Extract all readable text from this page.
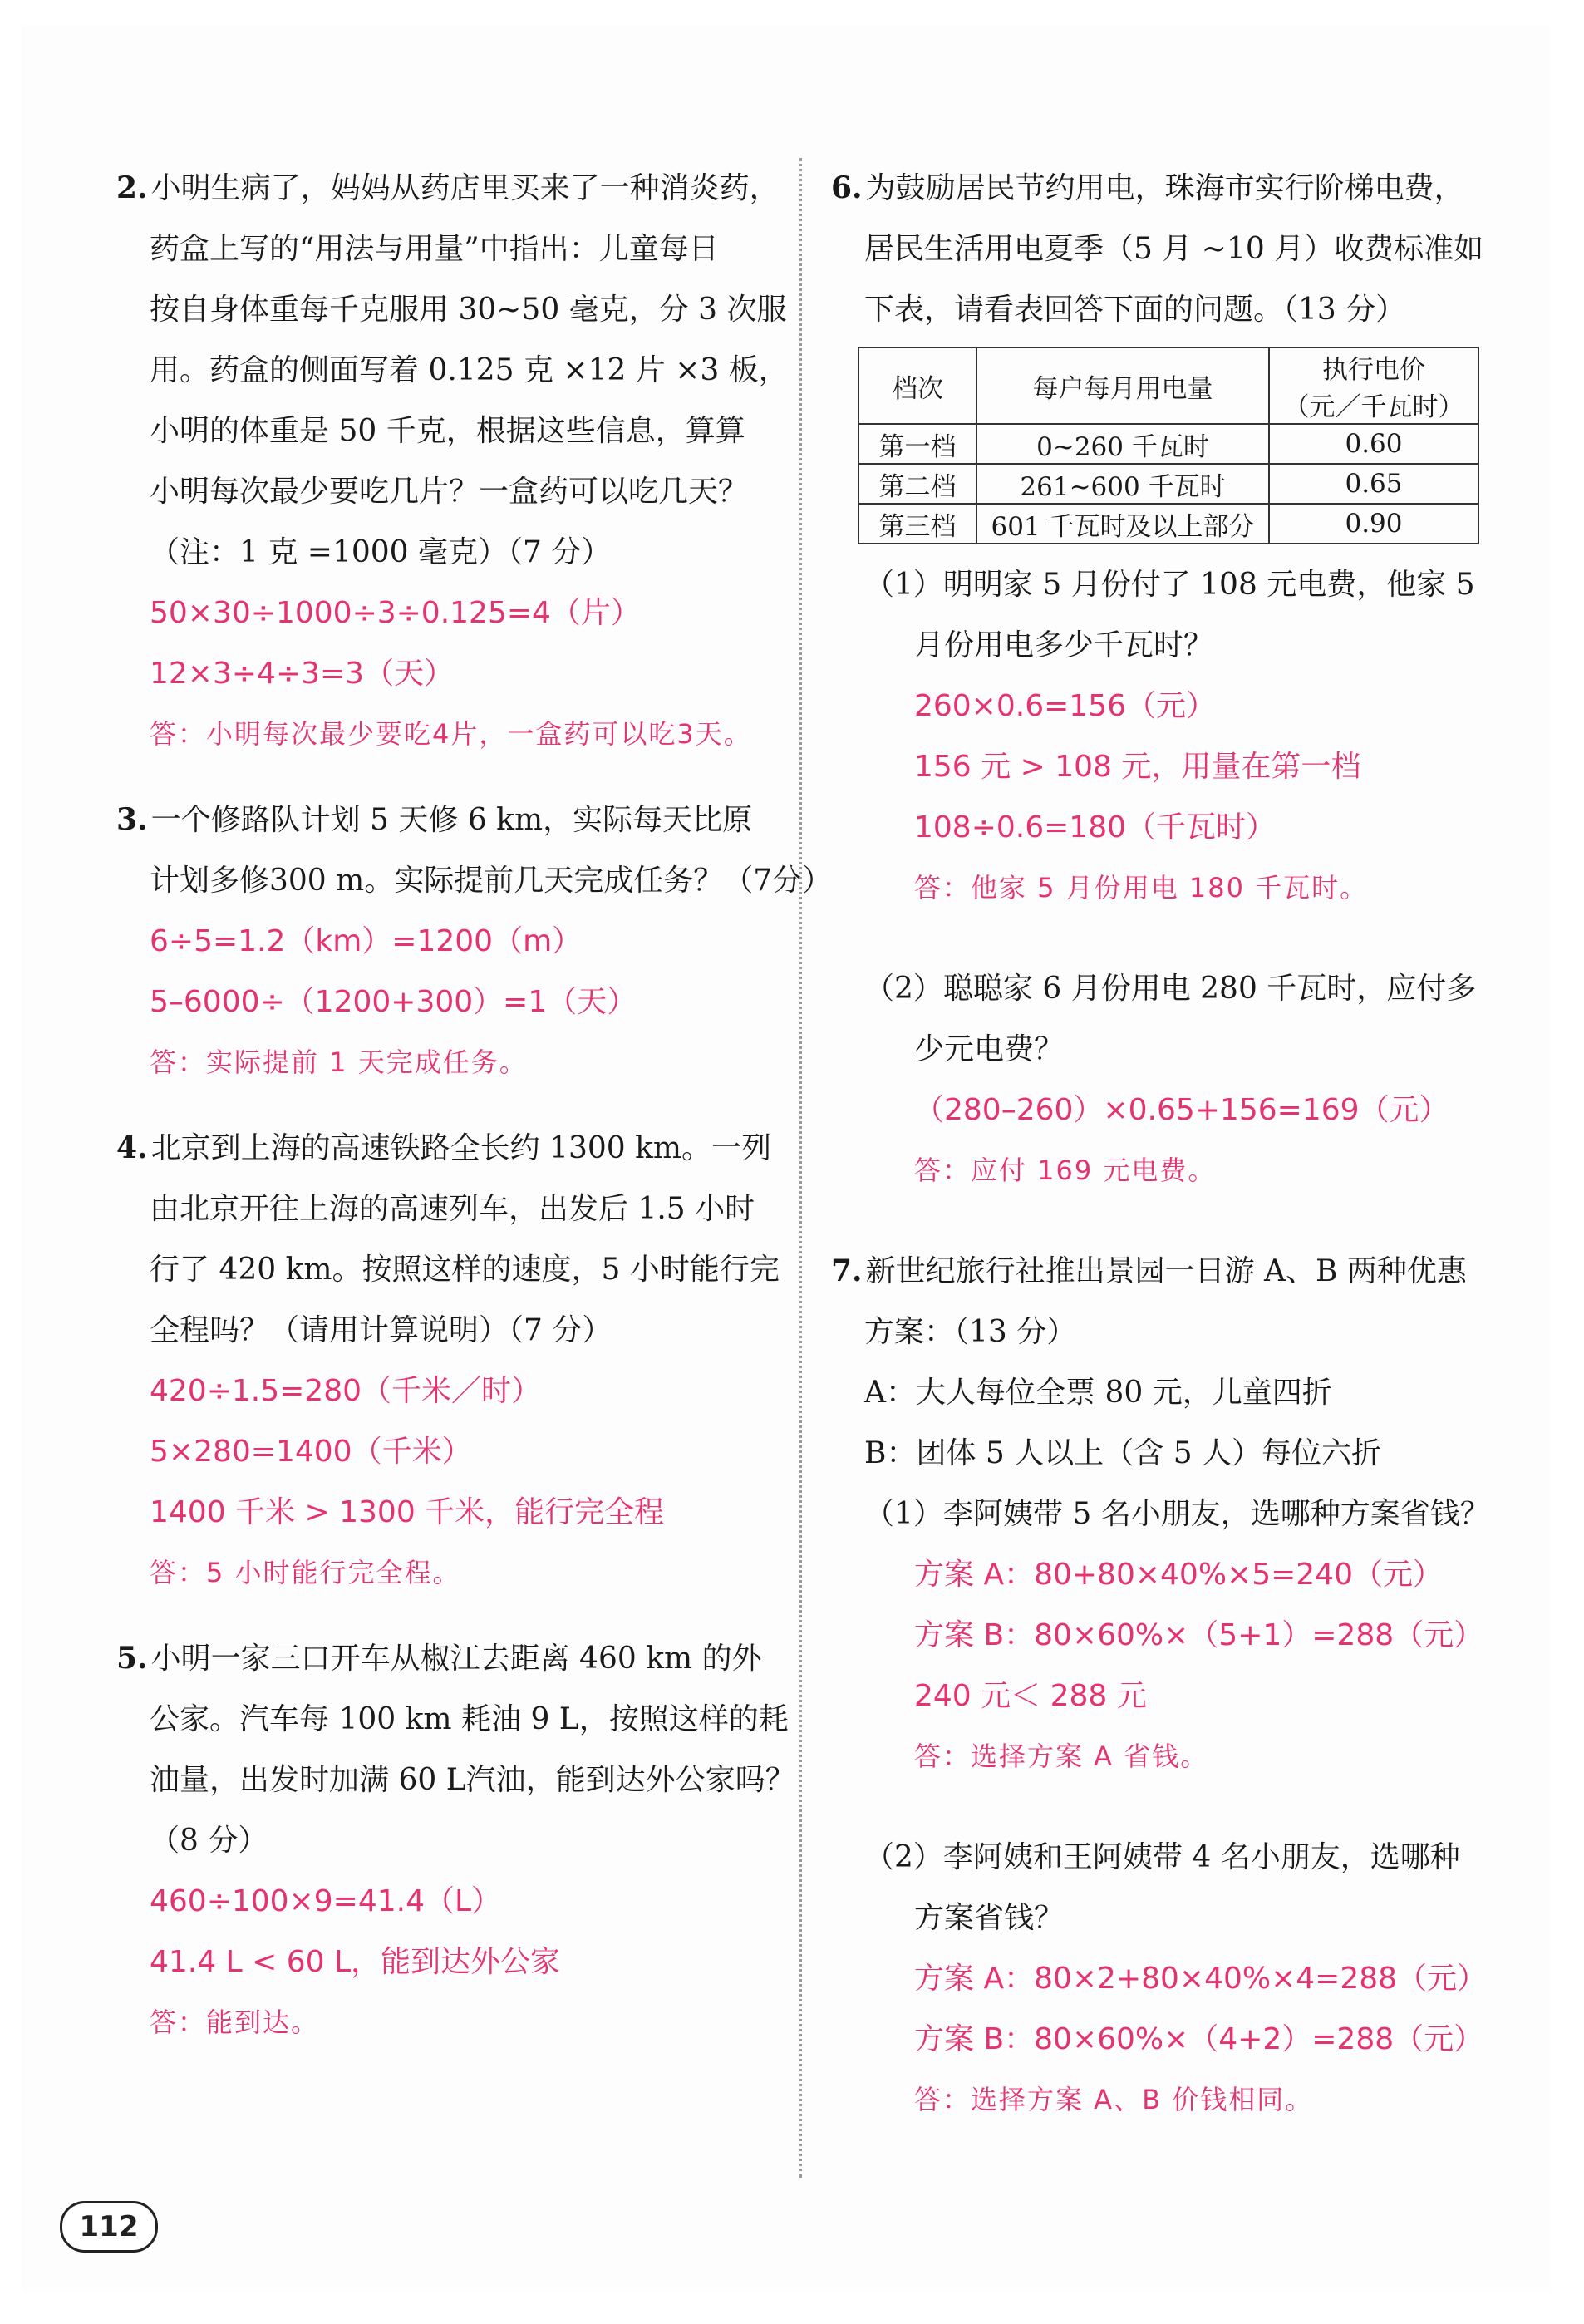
2. 小明生病了，妈妈从药店里买来了一种消炎药，
药盒上写的“用法与用量”中指出：儿童每日
按自身体重每千克服用 30~50 毫克，分 3 次服
用。药盒的侧面写着 0.125 克 ×12 片 ×3 板，
小明的体重是 50 千克，根据这些信息，算算
小明每次最少要吃几片？一盒药可以吃几天？
（注：1 克 =1000 毫克）（7 分）
50×30÷1000÷3÷0.125=4（片）
12×3÷4÷3=3（天）
答：小明每次最少要吃4片，一盒药可以吃3天。
3. 一个修路队计划 5 天修 6 km，实际每天比原
计划多修300 m。实际提前几天完成任务？（7分）
6÷5=1.2（km）=1200（m）
5–6000÷（1200+300）=1（天）
答：实际提前 1 天完成任务。
4. 北京到上海的高速铁路全长约 1300 km。一列
由北京开往上海的高速列车，出发后 1.5 小时
行了 420 km。按照这样的速度，5 小时能行完
全程吗？（请用计算说明）（7 分）
420÷1.5=280（千米／时）
5×280=1400（千米）
1400 千米 > 1300 千米，能行完全程
答：5 小时能行完全程。
5. 小明一家三口开车从椒江去距离 460 km 的外
公家。汽车每 100 km 耗油 9 L，按照这样的耗
油量，出发时加满 60 L汽油，能到达外公家吗？
（8 分）
460÷100×9=41.4（L）
41.4 L < 60 L，能到达外公家
答：能到达。
6. 为鼓励居民节约用电，珠海市实行阶梯电费，
居民生活用电夏季（5 月 ~10 月）收费标准如
下表，请看表回答下面的问题。（13 分）
档次	每户每月用电量	执行电价
（元／千瓦时）

第一档	0~260 千瓦时	0.60
第二档	261~600 千瓦时	0.65
第三档	601 千瓦时及以上部分	0.90
（1）明明家 5 月份付了 108 元电费，他家 5
月份用电多少千瓦时？
260×0.6=156（元）
156 元 > 108 元，用量在第一档
108÷0.6=180（千瓦时）
答：他家 5 月份用电 180 千瓦时。
（2）聪聪家 6 月份用电 280 千瓦时，应付多
少元电费？
（280–260）×0.65+156=169（元）
答：应付 169 元电费。
7. 新世纪旅行社推出景园一日游 A、B 两种优惠
方案：（13 分）
A：大人每位全票 80 元，儿童四折
B：团体 5 人以上（含 5 人）每位六折
（1）李阿姨带 5 名小朋友，选哪种方案省钱？
方案 A：80+80×40%×5=240（元）
方案 B：80×60%×（5+1）=288（元）
240 元＜ 288 元
答：选择方案 A 省钱。
（2）李阿姨和王阿姨带 4 名小朋友，选哪种
方案省钱？
方案 A：80×2+80×40%×4=288（元）
方案 B：80×60%×（4+2）=288（元）
答：选择方案 A、B 价钱相同。
112
